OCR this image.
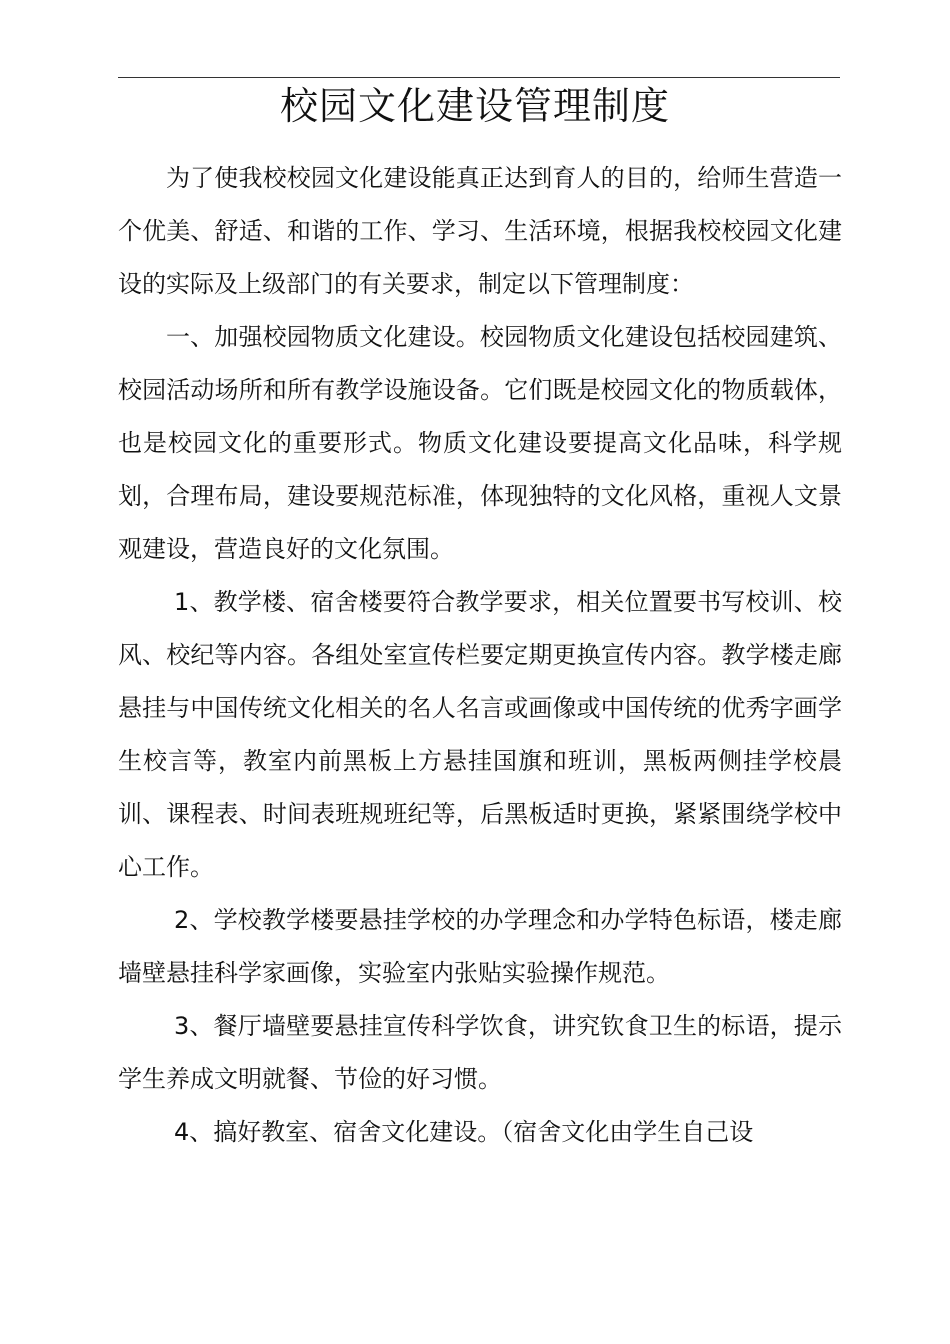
校园文化建设管理制度

为了使我校校园文化建设能真正达到育人的目的，给师生营造一个优美、舒适、和谐的工作、学习、生活环境，根据我校校园文化建设的实际及上级部门的有关要求，制定以下管理制度：

一、加强校园物质文化建设。校园物质文化建设包括校园建筑、校园活动场所和所有教学设施设备。它们既是校园文化的物质载体，也是校园文化的重要形式。物质文化建设要提高文化品味，科学规划，合理布局，建设要规范标准，体现独特的文化风格，重视人文景观建设，营造良好的文化氛围。

1、教学楼、宿舍楼要符合教学要求，相关位置要书写校训、校风、校纪等内容。各组处室宣传栏要定期更换宣传内容。教学楼走廊悬挂与中国传统文化相关的名人名言或画像或中国传统的优秀字画学生校言等，教室内前黑板上方悬挂国旗和班训，黑板两侧挂学校晨训、课程表、时间表班规班纪等，后黑板适时更换，紧紧围绕学校中心工作。

2、学校教学楼要悬挂学校的办学理念和办学特色标语，楼走廊墙壁悬挂科学家画像，实验室内张贴实验操作规范。

3、餐厅墙壁要悬挂宣传科学饮食，讲究钦食卫生的标语，提示学生养成文明就餐、节俭的好习惯。

4、搞好教室、宿舍文化建设。（宿舍文化由学生自己设
